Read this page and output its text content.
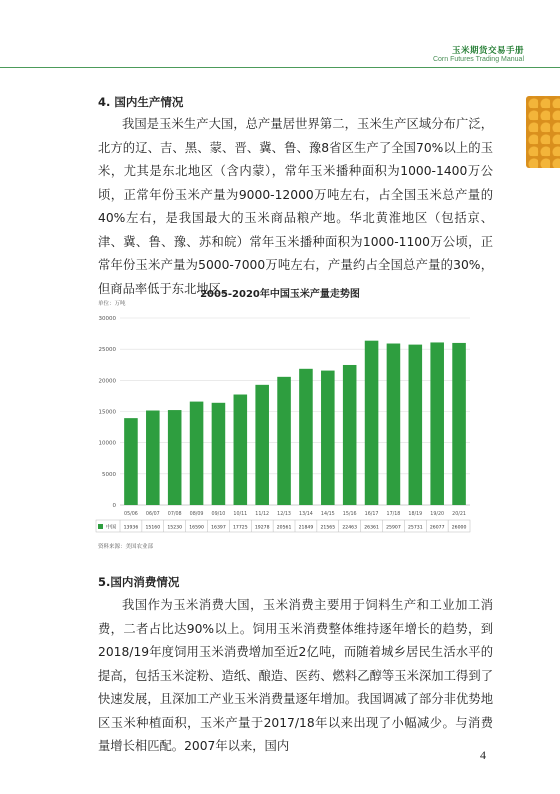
玉米期货交易手册
Corn Futures Trading Manual
4. 国内生产情况

我国是玉米生产大国，总产量居世界第二，玉米生产区域分布广泛，北方的辽、吉、黑、蒙、晋、冀、鲁、豫8省区生产了全国70%以上的玉米，尤其是东北地区（含内蒙），常年玉米播种面积为1000-1400万公顷，正常年份玉米产量为9000-12000万吨左右，占全国玉米总产量的40%左右，是我国最大的玉米商品粮产地。华北黄淮地区（包括京、津、冀、鲁、豫、苏和皖）常年玉米播种面积为1000-1100万公顷，正常年份玉米产量为5000-7000万吨左右，产量约占全国总产量的30%，但商品率低于东北地区。

2005-2020年中国玉米产量走势图
单位：万吨
0
5000
10000
15000
20000
25000
30000
05/06 06/07 07/08 08/09 09/10 10/11 11/12 12/13 13/14 14/15 15/16 16/17 17/18 18/19 19/20 20/21
中国 13936 15160 15230 16590 16397 17725 19278 20561 21849 21565 22463 26361 25907 25731 26077 26000
资料来源：美国农业部
5.国内消费情况

我国作为玉米消费大国，玉米消费主要用于饲料生产和工业加工消费，二者占比达90%以上。饲用玉米消费整体维持逐年增长的趋势，到2018/19年度饲用玉米消费增加至近2亿吨，而随着城乡居民生活水平的提高，包括玉米淀粉、造纸、酿造、医药、燃料乙醇等玉米深加工得到了快速发展，且深加工产业玉米消费量逐年增加。我国调减了部分非优势地区玉米种植面积，玉米产量于2017/18年以来出现了小幅减少。与消费量增长相匹配。2007年以来，国内

4
